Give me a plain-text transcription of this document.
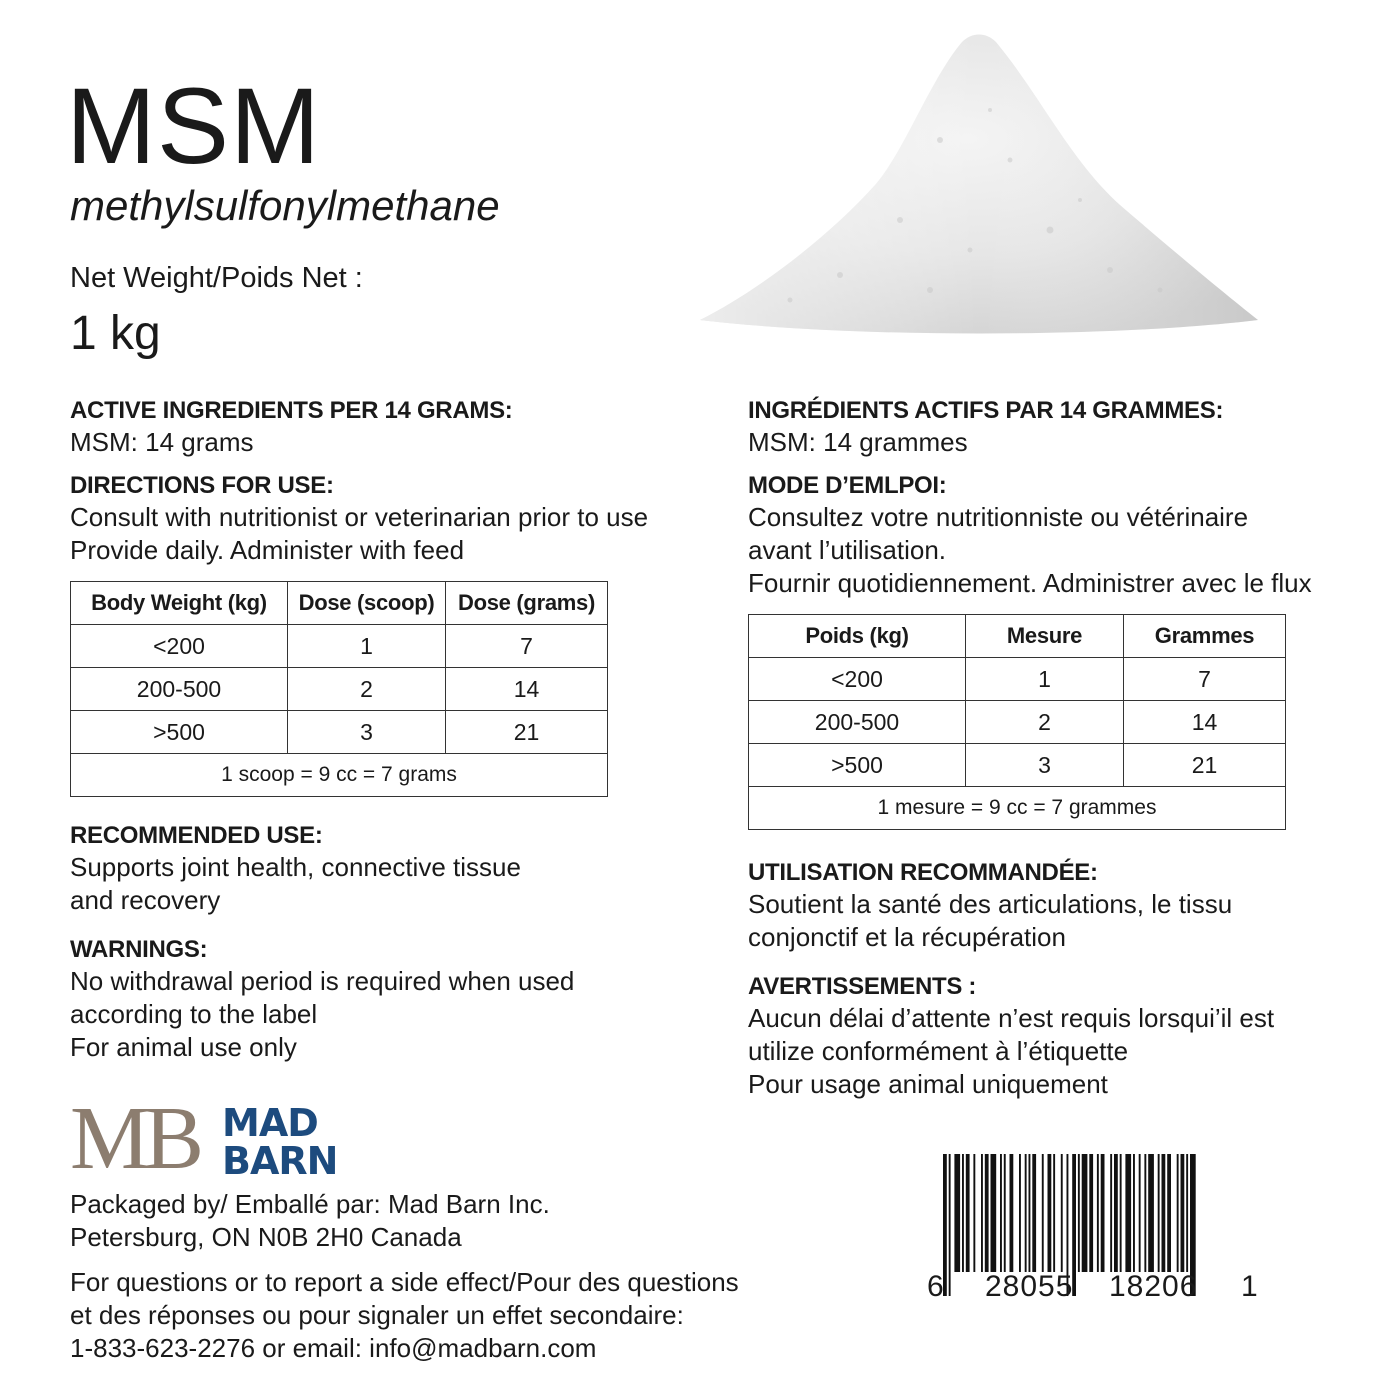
MSM
methylsulfonylmethane
Net Weight/Poids Net :
1 kg
ACTIVE INGREDIENTS PER 14 GRAMS:
MSM: 14 grams
DIRECTIONS FOR USE:
Consult with nutritionist or veterinarian prior to use
Provide daily. Administer with feed
Body Weight (kg)	Dose (scoop)	Dose (grams)
<200	1	7
200-500	2	14
>500	3	21
1 scoop = 9 cc = 7 grams		
RECOMMENDED USE:
Supports joint health, connective tissue
and recovery
WARNINGS:
No withdrawal period is required when used
according to the label
For animal use only
INGRÉDIENTS ACTIFS PAR 14 GRAMMES:
MSM: 14 grammes
MODE D’EMLPOI:
Consultez votre nutritionniste ou vétérinaire
avant l’utilisation.
Fournir quotidiennement. Administrer avec le flux
Poids (kg)	Mesure	Grammes
<200	1	7
200-500	2	14
>500	3	21
1 mesure = 9 cc = 7 grammes		
UTILISATION RECOMMANDÉE:
Soutient la santé des articulations, le tissu
conjonctif et la récupération
AVERTISSEMENTS :
Aucun délai d’attente n’est requis lorsqui’il est
utilize conformément à l’étiquette
Pour usage animal uniquement
MB MAD
BARN
Packaged by/ Emballé par: Mad Barn Inc.
Petersburg, ON N0B 2H0 Canada
For questions or to report a side effect/Pour des questions
et des réponses ou pour signaler un effet secondaire:
1-833-623-2276 or email: info@madbarn.com
6 28055 18206 1
